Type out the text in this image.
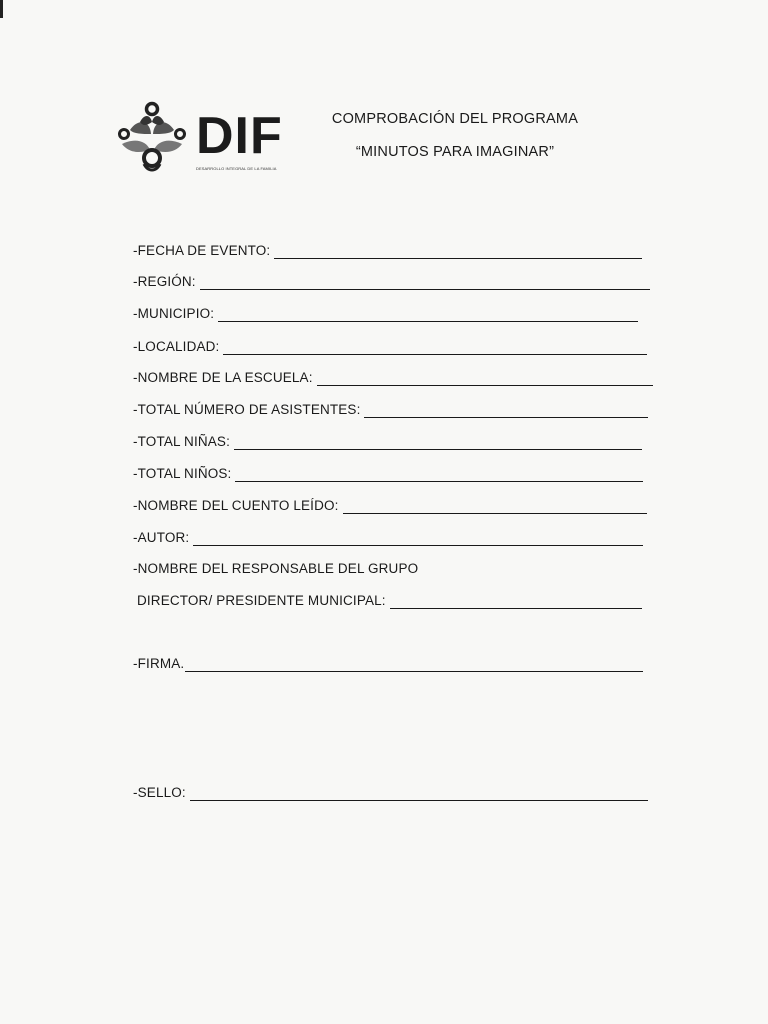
DIF
DESARROLLO INTEGRAL DE LA FAMILIA
COMPROBACIÓN DEL PROGRAMA
“MINUTOS PARA IMAGINAR”
-FECHA DE EVENTO:
-REGIÓN:
-MUNICIPIO:
-LOCALIDAD:
-NOMBRE DE LA ESCUELA:
-TOTAL NÚMERO DE ASISTENTES:
-TOTAL NIÑAS:
-TOTAL NIÑOS:
-NOMBRE DEL CUENTO LEÍDO:
-AUTOR:
-NOMBRE DEL RESPONSABLE DEL GRUPO
DIRECTOR/ PRESIDENTE MUNICIPAL:
-FIRMA.
-SELLO:
